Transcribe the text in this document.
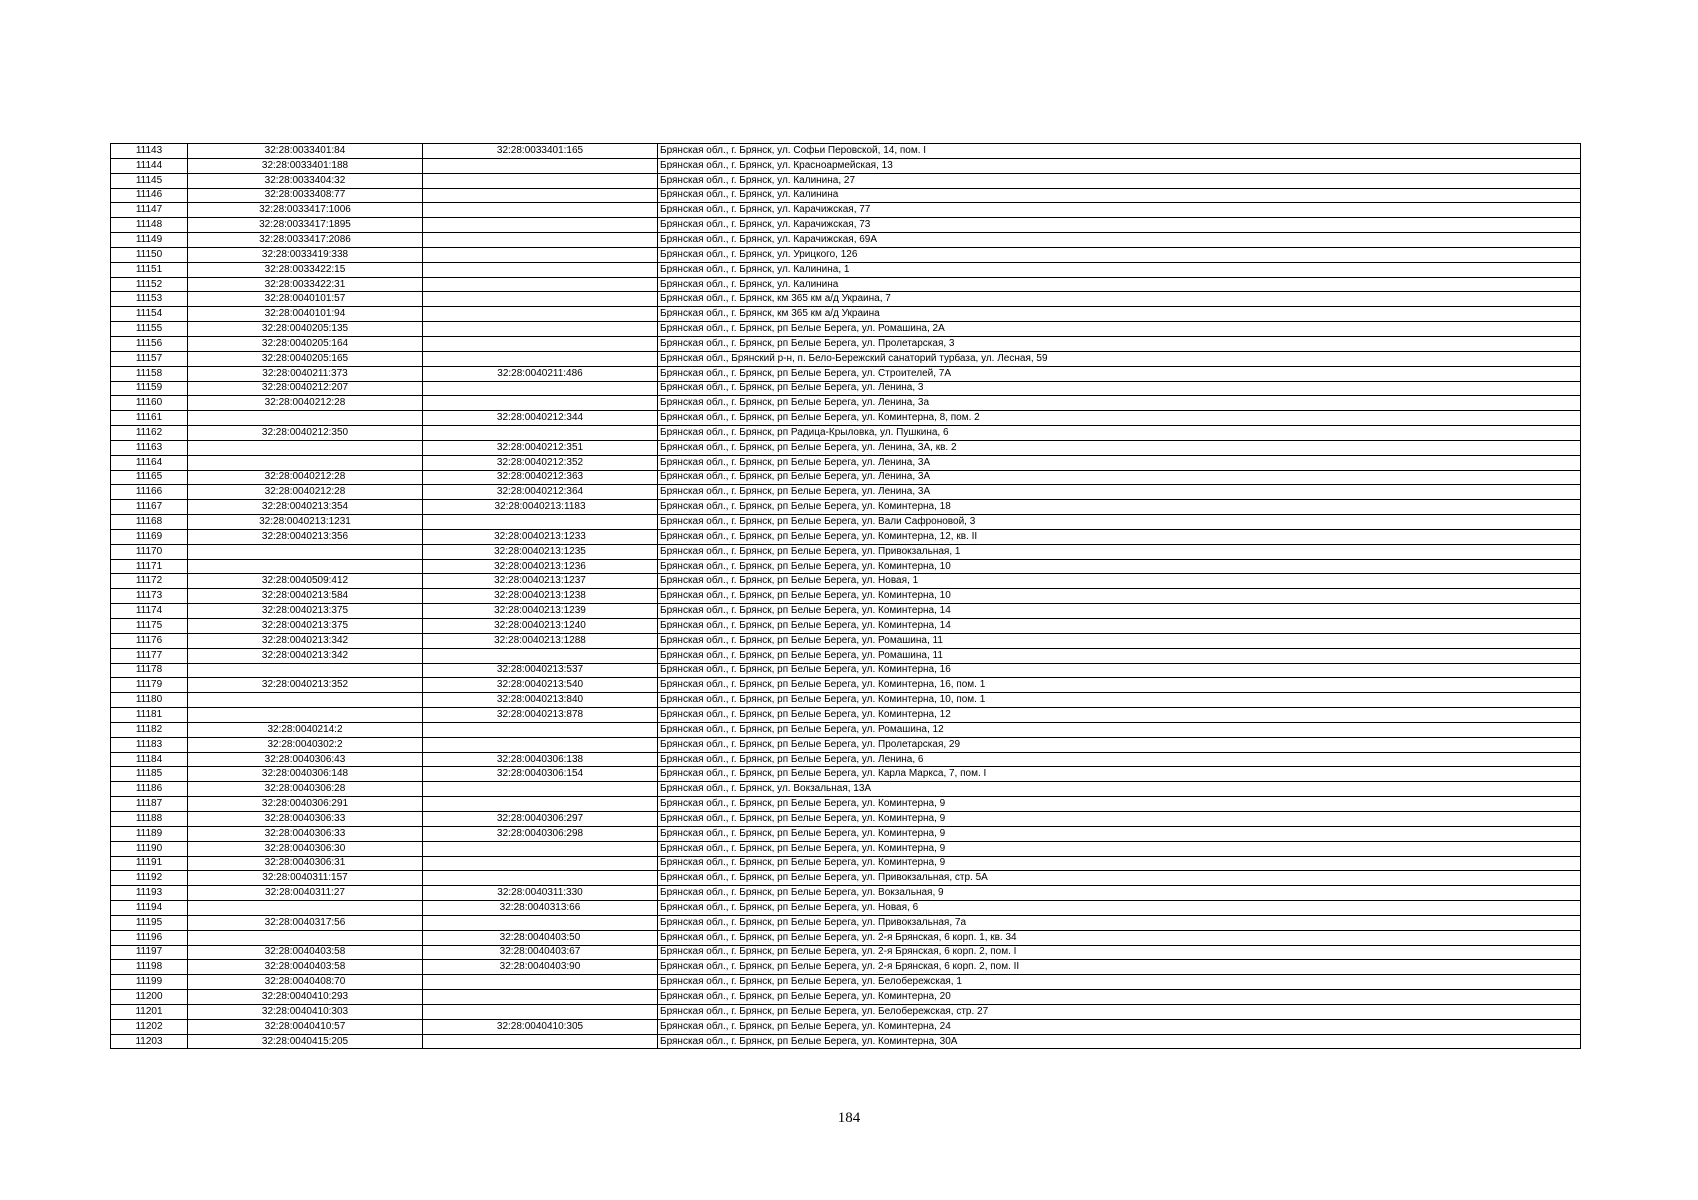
11143	32:28:0033401:84	32:28:0033401:165	Брянская обл., г. Брянск, ул. Софьи Перовской, 14, пом. I
11144	32:28:0033401:188		Брянская обл., г. Брянск, ул. Красноармейская, 13
11145	32:28:0033404:32		Брянская обл., г. Брянск, ул. Калинина, 27
11146	32:28:0033408:77		Брянская обл., г. Брянск, ул. Калинина
11147	32:28:0033417:1006		Брянская обл., г. Брянск, ул. Карачижская, 77
11148	32:28:0033417:1895		Брянская обл., г. Брянск, ул. Карачижская, 73
11149	32:28:0033417:2086		Брянская обл., г. Брянск, ул. Карачижская, 69А
11150	32:28:0033419:338		Брянская обл., г. Брянск, ул. Урицкого, 126
11151	32:28:0033422:15		Брянская обл., г. Брянск, ул. Калинина, 1
11152	32:28:0033422:31		Брянская обл., г. Брянск, ул. Калинина
11153	32:28:0040101:57		Брянская обл., г. Брянск, км 365 км а/д Украина, 7
11154	32:28:0040101:94		Брянская обл., г. Брянск, км 365 км а/д Украина
11155	32:28:0040205:135		Брянская обл., г. Брянск, рп Белые Берега, ул. Ромашина, 2А
11156	32:28:0040205:164		Брянская обл., г. Брянск, рп Белые Берега, ул. Пролетарская, 3
11157	32:28:0040205:165		Брянская обл., Брянский р-н, п. Бело-Бережский санаторий турбаза, ул. Лесная, 59
11158	32:28:0040211:373	32:28:0040211:486	Брянская обл., г. Брянск, рп Белые Берега, ул. Строителей, 7А
11159	32:28:0040212:207		Брянская обл., г. Брянск, рп Белые Берега, ул. Ленина, 3
11160	32:28:0040212:28		Брянская обл., г. Брянск, рп Белые Берега, ул. Ленина, 3а
11161		32:28:0040212:344	Брянская обл., г. Брянск, рп Белые Берега, ул. Коминтерна, 8, пом. 2
11162	32:28:0040212:350		Брянская обл., г. Брянск, рп Радица-Крыловка, ул. Пушкина, 6
11163		32:28:0040212:351	Брянская обл., г. Брянск, рп Белые Берега, ул. Ленина, 3А, кв. 2
11164		32:28:0040212:352	Брянская обл., г. Брянск, рп Белые Берега, ул. Ленина, 3А
11165	32:28:0040212:28	32:28:0040212:363	Брянская обл., г. Брянск, рп Белые Берега, ул. Ленина, 3А
11166	32:28:0040212:28	32:28:0040212:364	Брянская обл., г. Брянск, рп Белые Берега, ул. Ленина, 3А
11167	32:28:0040213:354	32:28:0040213:1183	Брянская обл., г. Брянск, рп Белые Берега, ул. Коминтерна, 18
11168	32:28:0040213:1231		Брянская обл., г. Брянск, рп Белые Берега, ул. Вали Сафроновой, 3
11169	32:28:0040213:356	32:28:0040213:1233	Брянская обл., г. Брянск, рп Белые Берега, ул. Коминтерна, 12, кв. II
11170		32:28:0040213:1235	Брянская обл., г. Брянск, рп Белые Берега, ул. Привокзальная, 1
11171		32:28:0040213:1236	Брянская обл., г. Брянск, рп Белые Берега, ул. Коминтерна, 10
11172	32:28:0040509:412	32:28:0040213:1237	Брянская обл., г. Брянск, рп Белые Берега, ул. Новая, 1
11173	32:28:0040213:584	32:28:0040213:1238	Брянская обл., г. Брянск, рп Белые Берега, ул. Коминтерна, 10
11174	32:28:0040213:375	32:28:0040213:1239	Брянская обл., г. Брянск, рп Белые Берега, ул. Коминтерна, 14
11175	32:28:0040213:375	32:28:0040213:1240	Брянская обл., г. Брянск, рп Белые Берега, ул. Коминтерна, 14
11176	32:28:0040213:342	32:28:0040213:1288	Брянская обл., г. Брянск, рп Белые Берега, ул. Ромашина, 11
11177	32:28:0040213:342		Брянская обл., г. Брянск, рп Белые Берега, ул. Ромашина, 11
11178		32:28:0040213:537	Брянская обл., г. Брянск, рп Белые Берега, ул. Коминтерна, 16
11179	32:28:0040213:352	32:28:0040213:540	Брянская обл., г. Брянск, рп Белые Берега, ул. Коминтерна, 16, пом. 1
11180		32:28:0040213:840	Брянская обл., г. Брянск, рп Белые Берега, ул. Коминтерна, 10, пом. 1
11181		32:28:0040213:878	Брянская обл., г. Брянск, рп Белые Берега, ул. Коминтерна, 12
11182	32:28:0040214:2		Брянская обл., г. Брянск, рп Белые Берега, ул. Ромашина, 12
11183	32:28:0040302:2		Брянская обл., г. Брянск, рп Белые Берега, ул. Пролетарская, 29
11184	32:28:0040306:43	32:28:0040306:138	Брянская обл., г. Брянск, рп Белые Берега, ул. Ленина, 6
11185	32:28:0040306:148	32:28:0040306:154	Брянская обл., г. Брянск, рп Белые Берега, ул. Карла Маркса, 7, пом. I
11186	32:28:0040306:28		Брянская обл., г. Брянск, ул. Вокзальная, 13А
11187	32:28:0040306:291		Брянская обл., г. Брянск, рп Белые Берега, ул. Коминтерна, 9
11188	32:28:0040306:33	32:28:0040306:297	Брянская обл., г. Брянск, рп Белые Берега, ул. Коминтерна, 9
11189	32:28:0040306:33	32:28:0040306:298	Брянская обл., г. Брянск, рп Белые Берега, ул. Коминтерна, 9
11190	32:28:0040306:30		Брянская обл., г. Брянск, рп Белые Берега, ул. Коминтерна, 9
11191	32:28:0040306:31		Брянская обл., г. Брянск, рп Белые Берега, ул. Коминтерна, 9
11192	32:28:0040311:157		Брянская обл., г. Брянск, рп Белые Берега, ул. Привокзальная, стр. 5А
11193	32:28:0040311:27	32:28:0040311:330	Брянская обл., г. Брянск, рп Белые Берега, ул. Вокзальная, 9
11194		32:28:0040313:66	Брянская обл., г. Брянск, рп Белые Берега, ул. Новая, 6
11195	32:28:0040317:56		Брянская обл., г. Брянск, рп Белые Берега, ул. Привокзальная, 7а
11196		32:28:0040403:50	Брянская обл., г. Брянск, рп Белые Берега, ул. 2-я Брянская, 6 корп. 1, кв. 34
11197	32:28:0040403:58	32:28:0040403:67	Брянская обл., г. Брянск, рп Белые Берега, ул. 2-я Брянская, 6 корп. 2, пом. I
11198	32:28:0040403:58	32:28:0040403:90	Брянская обл., г. Брянск, рп Белые Берега, ул. 2-я Брянская, 6 корп. 2, пом. II
11199	32:28:0040408:70		Брянская обл., г. Брянск, рп Белые Берега, ул. Белобережская, 1
11200	32:28:0040410:293		Брянская обл., г. Брянск, рп Белые Берега, ул. Коминтерна, 20
11201	32:28:0040410:303		Брянская обл., г. Брянск, рп Белые Берега, ул. Белобережская, стр. 27
11202	32:28:0040410:57	32:28:0040410:305	Брянская обл., г. Брянск, рп Белые Берега, ул. Коминтерна, 24
11203	32:28:0040415:205		Брянская обл., г. Брянск, рп Белые Берега, ул. Коминтерна, 30А
184
